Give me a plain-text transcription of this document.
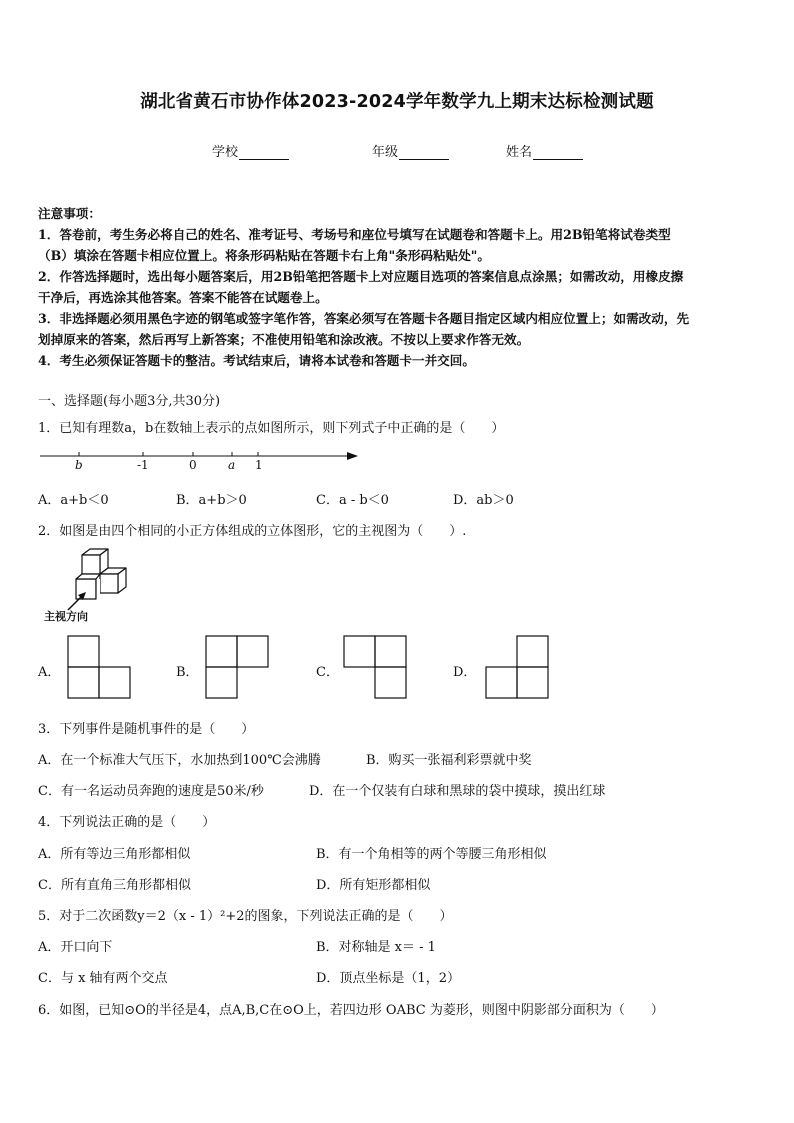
湖北省黄石市协作体2023-2024学年数学九上期末达标检测试题
学校	年级	姓名
注意事项：
1．答卷前，考生务必将自己的姓名、准考证号、考场号和座位号填写在试题卷和答题卡上。用2B铅笔将试卷类型
（B）填涂在答题卡相应位置上。将条形码粘贴在答题卡右上角"条形码粘贴处"。
2．作答选择题时，选出每小题答案后，用2B铅笔把答题卡上对应题目选项的答案信息点涂黑；如需改动，用橡皮擦
干净后，再选涂其他答案。答案不能答在试题卷上。
3．非选择题必须用黑色字迹的钢笔或签字笔作答，答案必须写在答题卡各题目指定区域内相应位置上；如需改动，先
划掉原来的答案，然后再写上新答案；不准使用铅笔和涂改液。不按以上要求作答无效。
4．考生必须保证答题卡的整洁。考试结束后，请将本试卷和答题卡一并交回。
一、选择题(每小题3分,共30分)
1．已知有理数a，b在数轴上表示的点如图所示，则下列式子中正确的是（　　）
b	-1	0	a 1
A．a+b＜0	B．a+b＞0	C．a - b＜0	D．ab＞0
2．如图是由四个相同的小正方体组成的立体图形，它的主视图为（　　）.
主视方向
A．	B．	C．	D．
3．下列事件是随机事件的是（　　）
A．在一个标准大气压下，水加热到100℃会沸腾	B．购买一张福利彩票就中奖
C．有一名运动员奔跑的速度是50米/秒	D．在一个仅装有白球和黑球的袋中摸球，摸出红球
4．下列说法正确的是（　　）
A．所有等边三角形都相似	B．有一个角相等的两个等腰三角形相似
C．所有直角三角形都相似	D．所有矩形都相似
5．对于二次函数y＝2（x - 1）²+2的图象，下列说法正确的是（　　）
A．开口向下	B．对称轴是 x＝ - 1
C．与 x 轴有两个交点	D．顶点坐标是（1，2）
6．如图，已知⊙O的半径是4，点A,B,C在⊙O上，若四边形 OABC 为菱形，则图中阴影部分面积为（　　）
